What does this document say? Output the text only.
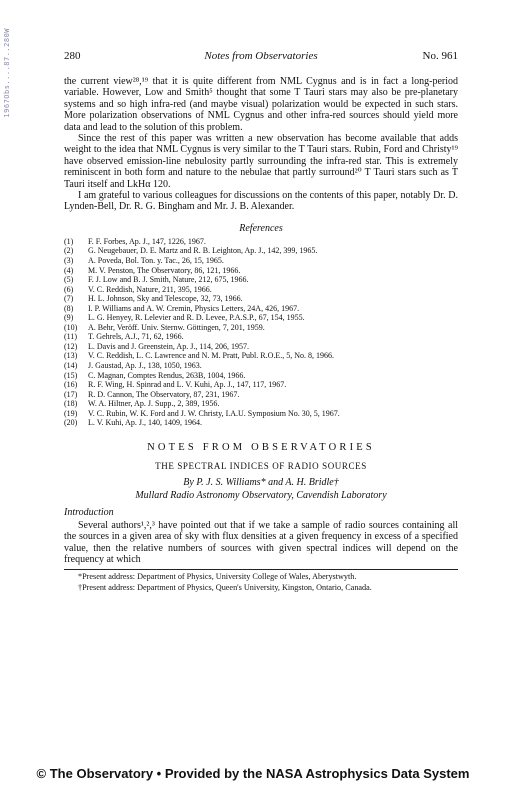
1967Obs....87..280W	280	Notes from Observatories	No. 961

the current view²⁸,¹⁹ that it is quite different from NML Cygnus and is in fact a long-period variable. However, Low and Smith⁵ thought that some T Tauri stars may also be pre-planetary systems and so high infra-red (and maybe visual) polarization would be expected in such stars. More polarization observations of NML Cygnus and other infra-red sources should yield more data and lead to the solution of this problem.

Since the rest of this paper was written a new observation has become available that adds weight to the idea that NML Cygnus is very similar to the T Tauri stars. Rubin, Ford and Christy¹⁹ have observed emission-line nebulosity partly surrounding the infra-red star. This is extremely reminiscent in both form and nature to the nebulae that partly surround²⁰ T Tauri stars such as T Tauri itself and LkHα 120.

I am grateful to various colleagues for discussions on the contents of this paper, notably Dr. D. Lynden-Bell, Dr. R. G. Bingham and Mr. J. B. Alexander.

References
(1)	F. F. Forbes, Ap. J., 147, 1226, 1967.
(2)	G. Neugebauer, D. E. Martz and R. B. Leighton, Ap. J., 142, 399, 1965.
(3)	A. Poveda, Bol. Ton. y. Tac., 26, 15, 1965.
(4)	M. V. Penston, The Observatory, 86, 121, 1966.
(5)	F. J. Low and B. J. Smith, Nature, 212, 675, 1966.
(6)	V. C. Reddish, Nature, 211, 395, 1966.
(7)	H. L. Johnson, Sky and Telescope, 32, 73, 1966.
(8)	I. P. Williams and A. W. Cremin, Physics Letters, 24A, 426, 1967.
(9)	L. G. Henyey, R. Lelevier and R. D. Levee, P.A.S.P., 67, 154, 1955.
(10)	A. Behr, Veröff. Univ. Sternw. Göttingen, 7, 201, 1959.
(11)	T. Gehrels, A.J., 71, 62, 1966.
(12)	L. Davis and J. Greenstein, Ap. J., 114, 206, 1957.
(13)	V. C. Reddish, L. C. Lawrence and N. M. Pratt, Publ. R.O.E., 5, No. 8, 1966.
(14)	J. Gaustad, Ap. J., 138, 1050, 1963.
(15)	C. Magnan, Comptes Rendus, 263B, 1004, 1966.
(16)	R. F. Wing, H. Spinrad and L. V. Kuhi, Ap. J., 147, 117, 1967.
(17)	R. D. Cannon, The Observatory, 87, 231, 1967.
(18)	W. A. Hiltner, Ap. J. Supp., 2, 389, 1956.
(19)	V. C. Rubin, W. K. Ford and J. W. Christy, I.A.U. Symposium No. 30, 5, 1967.
(20)	L. V. Kuhi, Ap. J., 140, 1409, 1964.
NOTES FROM OBSERVATORIES
THE SPECTRAL INDICES OF RADIO SOURCES
By P. J. S. Williams* and A. H. Bridle†
Mullard Radio Astronomy Observatory, Cavendish Laboratory
Introduction

Several authors¹,²,³ have pointed out that if we take a sample of radio sources containing all the sources in a given area of sky with flux densities at a given frequency in excess of a specified value, then the relative numbers of sources with given spectral indices will depend on the frequency at which

*Present address: Department of Physics, University College of Wales, Aberystwyth.

†Present address: Department of Physics, Queen's University, Kingston, Ontario, Canada.

© The Observatory • Provided by the NASA Astrophysics Data System
